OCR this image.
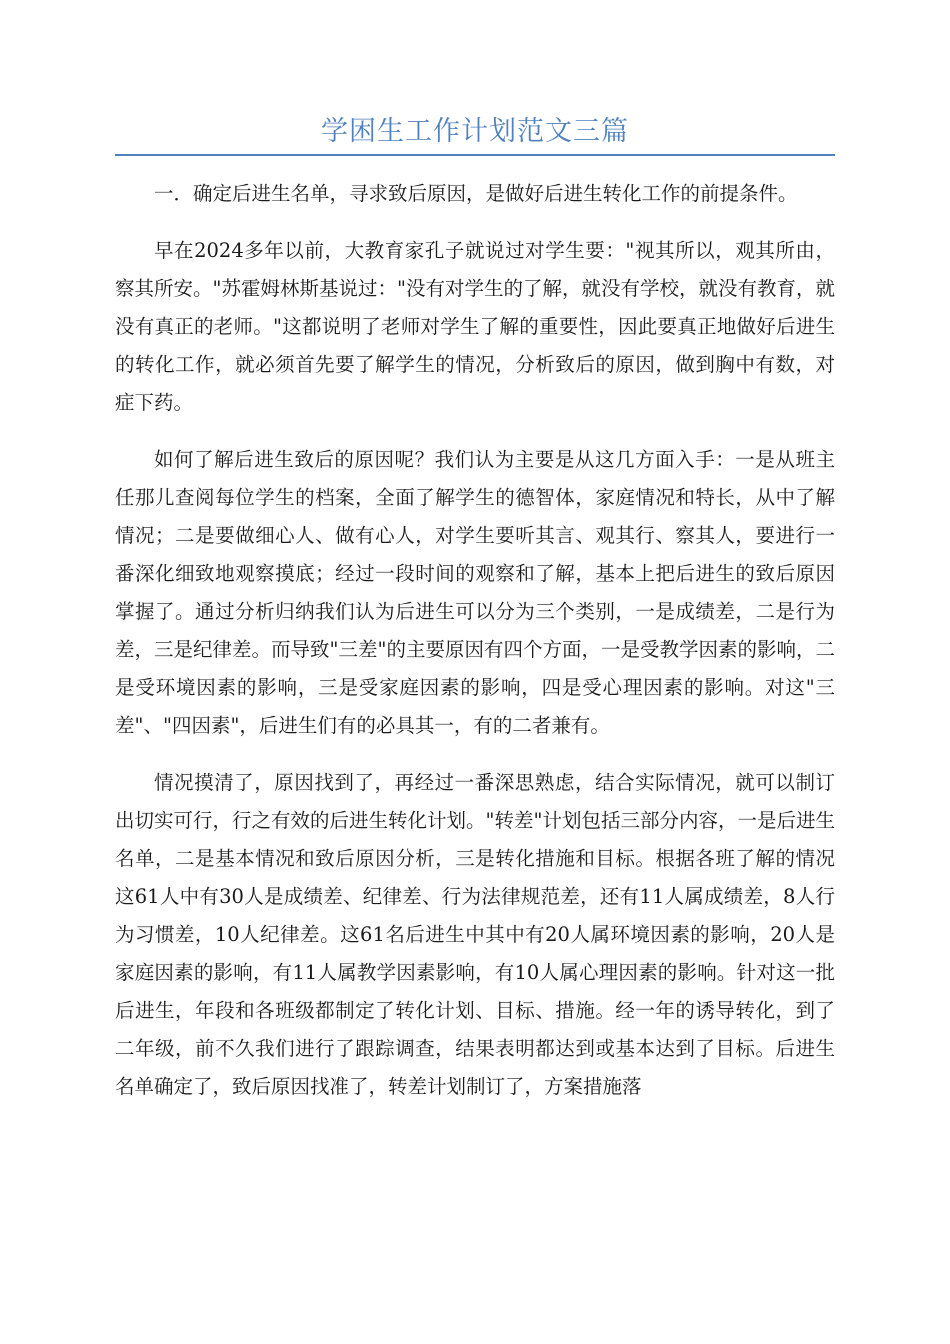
学困生工作计划范文三篇

一．确定后进生名单，寻求致后原因，是做好后进生转化工作的前提条件。

早在2024多年以前，大教育家孔子就说过对学生要："视其所以，观其所由，察其所安。"苏霍姆林斯基说过："没有对学生的了解，就没有学校，就没有教育，就没有真正的老师。"这都说明了老师对学生了解的重要性，因此要真正地做好后进生的转化工作，就必须首先要了解学生的情况，分析致后的原因，做到胸中有数，对症下药。

如何了解后进生致后的原因呢？我们认为主要是从这几方面入手：一是从班主任那儿查阅每位学生的档案，全面了解学生的德智体，家庭情况和特长，从中了解情况；二是要做细心人、做有心人，对学生要听其言、观其行、察其人，要进行一番深化细致地观察摸底；经过一段时间的观察和了解，基本上把后进生的致后原因掌握了。通过分析归纳我们认为后进生可以分为三个类别，一是成绩差，二是行为差，三是纪律差。而导致"三差"的主要原因有四个方面，一是受教学因素的影响，二是受环境因素的影响，三是受家庭因素的影响，四是受心理因素的影响。对这"三差"、"四因素"，后进生们有的必具其一，有的二者兼有。

情况摸清了，原因找到了，再经过一番深思熟虑，结合实际情况，就可以制订出切实可行，行之有效的后进生转化计划。"转差"计划包括三部分内容，一是后进生名单，二是基本情况和致后原因分析，三是转化措施和目标。根据各班了解的情况这61人中有30人是成绩差、纪律差、行为法律规范差，还有11人属成绩差，8人行为习惯差，10人纪律差。这61名后进生中其中有20人属环境因素的影响，20人是家庭因素的影响，有11人属教学因素影响，有10人属心理因素的影响。针对这一批后进生，年段和各班级都制定了转化计划、目标、措施。经一年的诱导转化，到了二年级，前不久我们进行了跟踪调查，结果表明都达到或基本达到了目标。后进生名单确定了，致后原因找准了，转差计划制订了，方案措施落
